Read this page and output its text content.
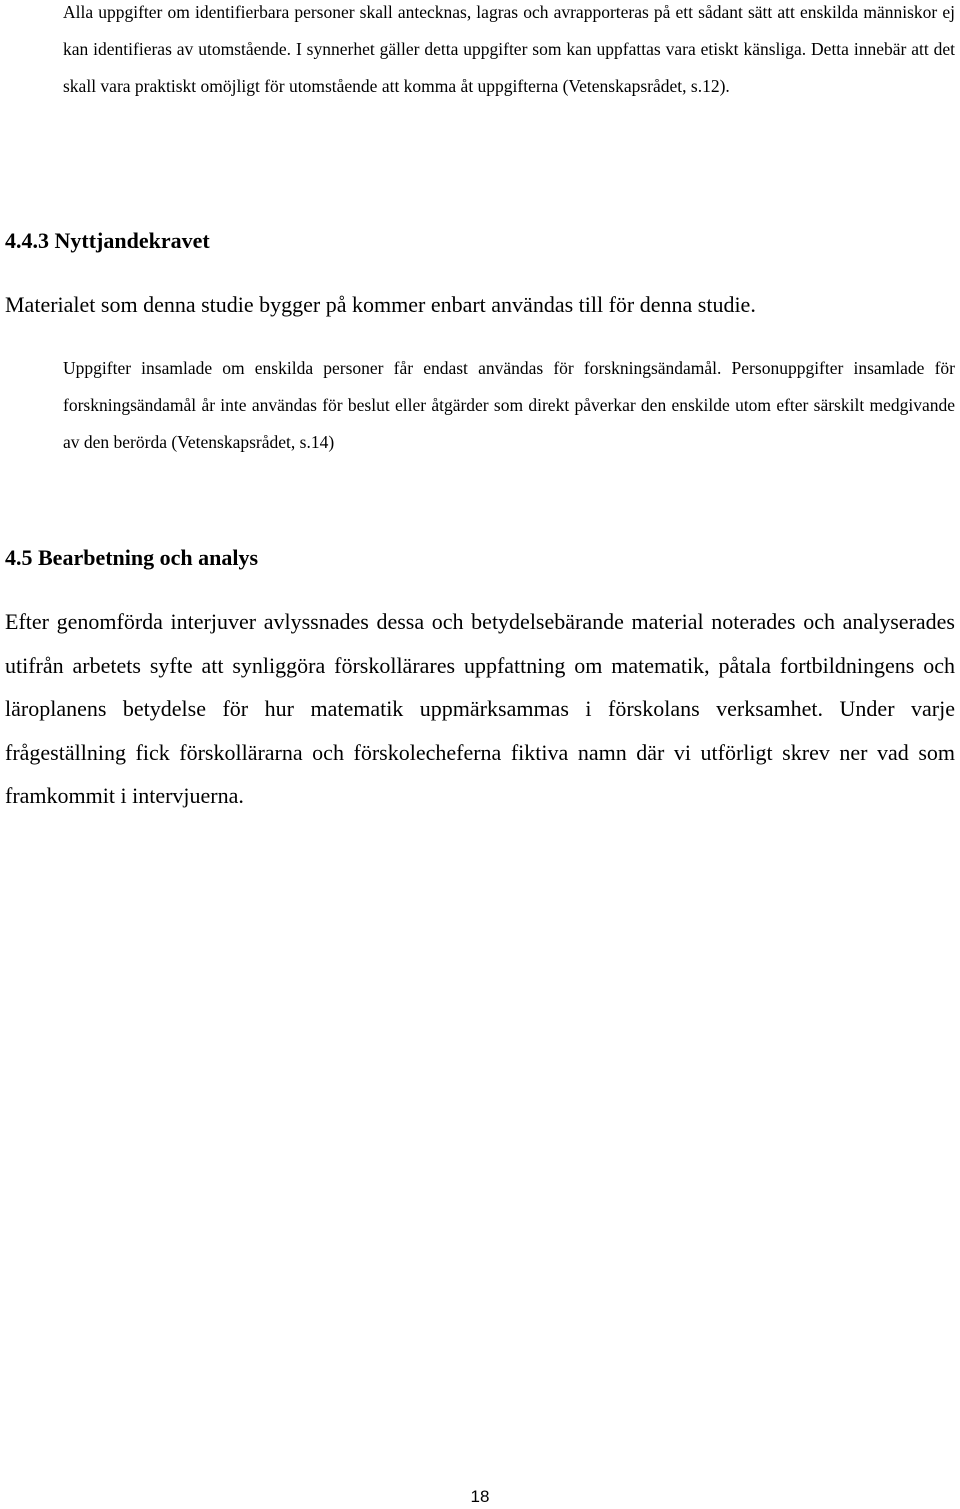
Alla uppgifter om identifierbara personer skall antecknas, lagras och avrapporteras på ett sådant sätt att enskilda människor ej kan identifieras av utomstående. I synnerhet gäller detta uppgifter som kan uppfattas vara etiskt känsliga. Detta innebär att det skall vara praktiskt omöjligt för utomstående att komma åt uppgifterna (Vetenskapsrådet, s.12).

4.4.3 Nyttjandekravet

Materialet som denna studie bygger på kommer enbart användas till för denna studie.

Uppgifter insamlade om enskilda personer får endast användas för forskningsändamål. Personuppgifter insamlade för forskningsändamål år inte användas för beslut eller åtgärder som direkt påverkar den enskilde utom efter särskilt medgivande av den berörda (Vetenskapsrådet, s.14)

4.5 Bearbetning och analys

Efter genomförda interjuver avlyssnades dessa och betydelsebärande material noterades och analyserades utifrån arbetets syfte att synliggöra förskollärares uppfattning om matematik, påtala fortbildningens och läroplanens betydelse för hur matematik uppmärksammas i förskolans verksamhet. Under varje frågeställning fick förskollärarna och förskolecheferna fiktiva namn där vi utförligt skrev ner vad som framkommit i intervjuerna.

18
